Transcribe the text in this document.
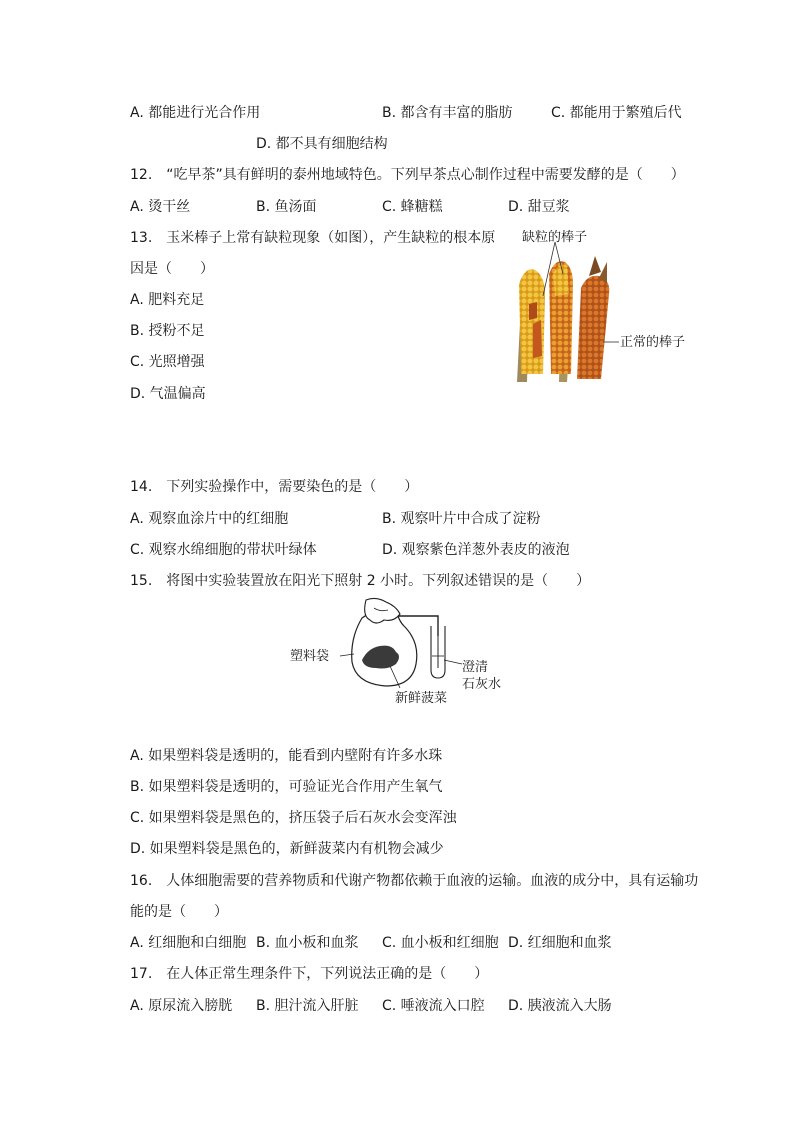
A. 都能进行光合作用	B. 都含有丰富的脂肪	C. 都能用于繁殖后代
D. 都不具有细胞结构
12.　“吃早茶”具有鲜明的泰州地域特色。下列早茶点心制作过程中需要发酵的是（　　）
A. 烫干丝	B. 鱼汤面	C. 蜂糖糕	D. 甜豆浆
13.　玉米棒子上常有缺粒现象（如图），产生缺粒的根本原
因是（　　）
A. 肥料充足
B. 授粉不足
C. 光照增强
D. 气温偏高
缺粒的棒子
正常的棒子
14.　下列实验操作中，需要染色的是（　　）
A. 观察血涂片中的红细胞	B. 观察叶片中合成了淀粉
C. 观察水绵细胞的带状叶绿体	D. 观察紫色洋葱外表皮的液泡
15.　将图中实验装置放在阳光下照射 2 小时。下列叙述错误的是（　　）
塑料袋
澄清
石灰水
新鲜菠菜
A. 如果塑料袋是透明的，能看到内壁附有许多水珠
B. 如果塑料袋是透明的，可验证光合作用产生氧气
C. 如果塑料袋是黑色的，挤压袋子后石灰水会变浑浊
D. 如果塑料袋是黑色的，新鲜菠菜内有机物会减少
16.　人体细胞需要的营养物质和代谢产物都依赖于血液的运输。血液的成分中，具有运输功
能的是（　　）
A. 红细胞和白细胞 B. 血小板和血浆 C. 血小板和红细胞 D. 红细胞和血浆
17.　在人体正常生理条件下，下列说法正确的是（　　）
A. 原尿流入膀胱 B. 胆汁流入肝脏 C. 唾液流入口腔 D. 胰液流入大肠
